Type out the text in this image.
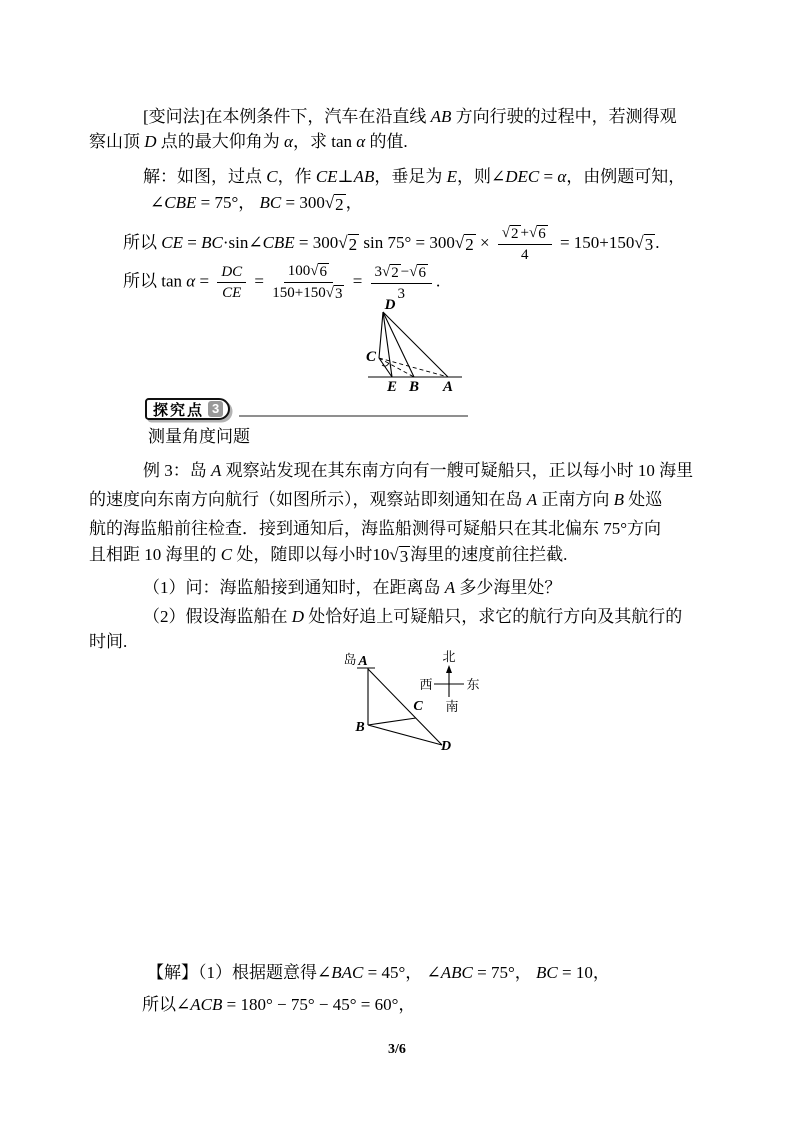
[变问法]在本例条件下，汽车在沿直线 AB 方向行驶的过程中，若测得观
察山顶 D 点的最大仰角为 α，求 tan α 的值.
解：如图，过点 C，作 CE⊥AB，垂足为 E，则∠DEC = α，由例题可知，
∠CBE = 75°， BC = 300 √ 2 ，
所以 CE = BC·sin∠CBE = 300 √ 2 sin 75° = 300 √ $2 \times \frac{√ 2 + √ 6}{4} = 150+150$ √ 3 .
所以 $\tan \alpha = \frac{DC}{CE} = \frac{100 √ 6}{150+150 √ 3} = \frac{3 √ 2 - √ 6}{3}$ .
D
C
E B A
探究点 3
测量角度问题
例 3：岛 A 观察站发现在其东南方向有一艘可疑船只，正以每小时 10 海里
的速度向东南方向航行（如图所示），观察站即刻通知在岛 A 正南方向 B 处巡
航的海监船前往检查．接到通知后，海监船测得可疑船只在其北偏东 75°方向
且相距 10 海里的 C 处，随即以每小时10 √ 3 海里的速度前往拦截.
（1）问：海监船接到通知时，在距离岛 A 多少海里处？
（2）假设海监船在 D 处恰好追上可疑船只，求它的航行方向及其航行的
时间.
岛 A
B
C
D
北
西	东
南
【解】（1）根据题意得∠BAC = 45°， ∠ABC = 75°， BC = 10，
所以∠ACB = 180° − 75° − 45° = 60°，
3/6
